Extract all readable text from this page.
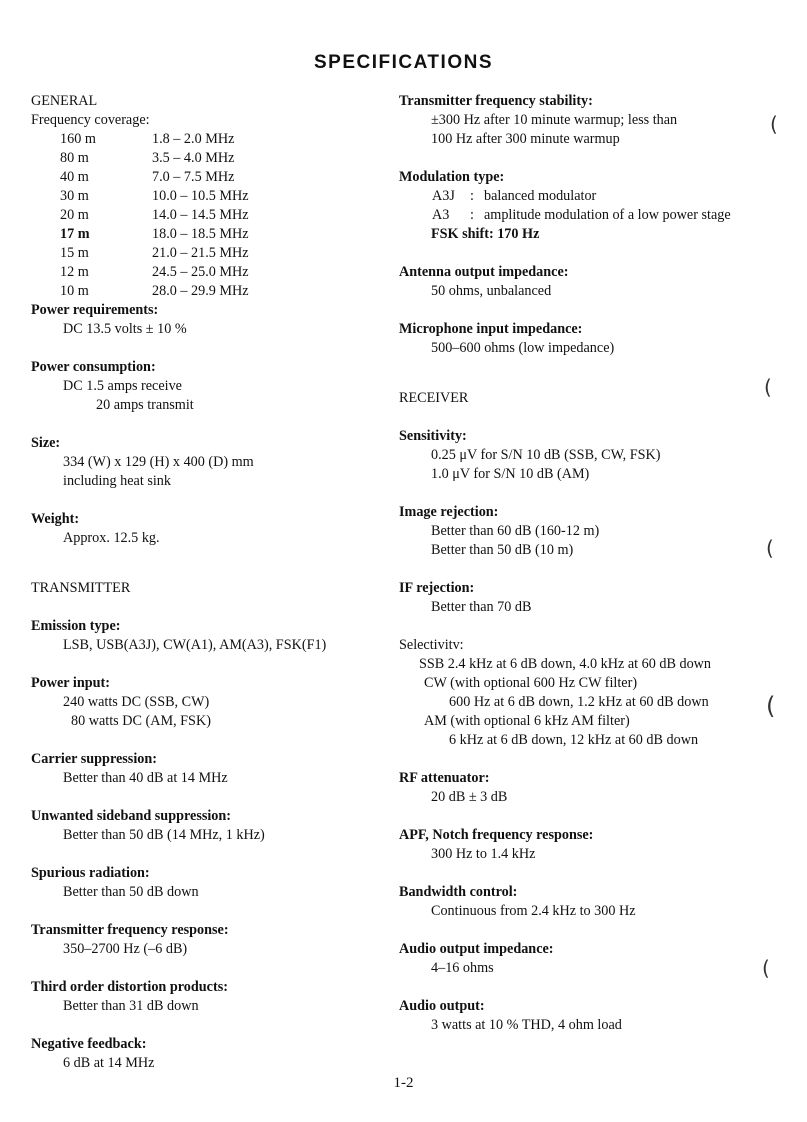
SPECIFICATIONS
GENERAL
Frequency coverage:
160 m	1.8 – 2.0 MHz
80 m	3.5 – 4.0 MHz
40 m	7.0 – 7.5 MHz
30 m	10.0 – 10.5 MHz
20 m	14.0 – 14.5 MHz
17 m	18.0 – 18.5 MHz
15 m	21.0 – 21.5 MHz
12 m	24.5 – 25.0 MHz
10 m	28.0 – 29.9 MHz
Power requirements:
DC 13.5 volts ± 10 %
Power consumption:
DC 1.5 amps receive
20 amps transmit
Size:
334 (W) x 129 (H) x 400 (D) mm
including heat sink
Weight:
Approx. 12.5 kg.
TRANSMITTER
Emission type:
LSB, USB(A3J), CW(A1), AM(A3), FSK(F1)
Power input:
240 watts DC (SSB, CW)
80 watts DC (AM, FSK)
Carrier suppression:
Better than 40 dB at 14 MHz
Unwanted sideband suppression:
Better than 50 dB (14 MHz, 1 kHz)
Spurious radiation:
Better than 50 dB down
Transmitter frequency response:
350–2700 Hz (–6 dB)
Third order distortion products:
Better than 31 dB down
Negative feedback:
6 dB at 14 MHz
Transmitter frequency stability:
±300 Hz after 10 minute warmup; less than
100 Hz after 300 minute warmup
Modulation type:
A3J	: balanced modulator
A3	: amplitude modulation of a low power stage
FSK shift: 170 Hz
Antenna output impedance:
50 ohms, unbalanced
Microphone input impedance:
500–600 ohms (low impedance)
RECEIVER
Sensitivity:
0.25 μV for S/N 10 dB (SSB, CW, FSK)
1.0 μV for S/N 10 dB (AM)
Image rejection:
Better than 60 dB (160-12 m)
Better than 50 dB (10 m)
IF rejection:
Better than 70 dB
Selectivitv:
SSB 2.4 kHz at 6 dB down, 4.0 kHz at 60 dB down
CW (with optional 600 Hz CW filter)
600 Hz at 6 dB down, 1.2 kHz at 60 dB down
AM (with optional 6 kHz AM filter)
6 kHz at 6 dB down, 12 kHz at 60 dB down
RF attenuator:
20 dB ± 3 dB
APF, Notch frequency response:
300 Hz to 1.4 kHz
Bandwidth control:
Continuous from 2.4 kHz to 300 Hz
Audio output impedance:
4–16 ohms
Audio output:
3 watts at 10 % THD, 4 ohm load
(
(
(
(
(
1-2
